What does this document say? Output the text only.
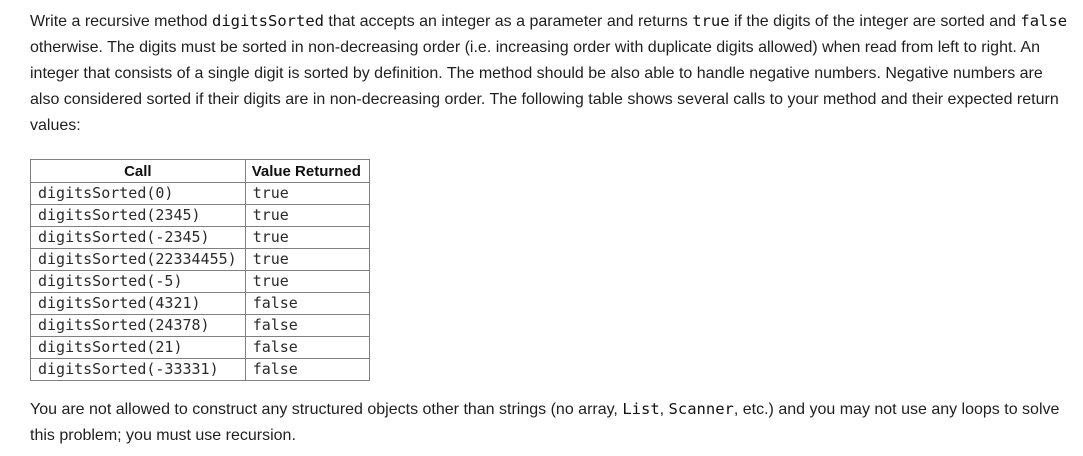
Write a recursive method digitsSorted that accepts an integer as a parameter and returns true if the digits of the integer are sorted and false otherwise. The digits must be sorted in non-decreasing order (i.e. increasing order with duplicate digits allowed) when read from left to right. An integer that consists of a single digit is sorted by definition. The method should be also able to handle negative numbers. Negative numbers are also considered sorted if their digits are in non-decreasing order. The following table shows several calls to your method and their expected return values:

Call	Value Returned
digitsSorted(0)	true
digitsSorted(2345)	true
digitsSorted(-2345)	true
digitsSorted(22334455)	true
digitsSorted(-5)	true
digitsSorted(4321)	false
digitsSorted(24378)	false
digitsSorted(21)	false
digitsSorted(-33331)	false

You are not allowed to construct any structured objects other than strings (no array, List, Scanner, etc.) and you may not use any loops to solve this problem; you must use recursion.
